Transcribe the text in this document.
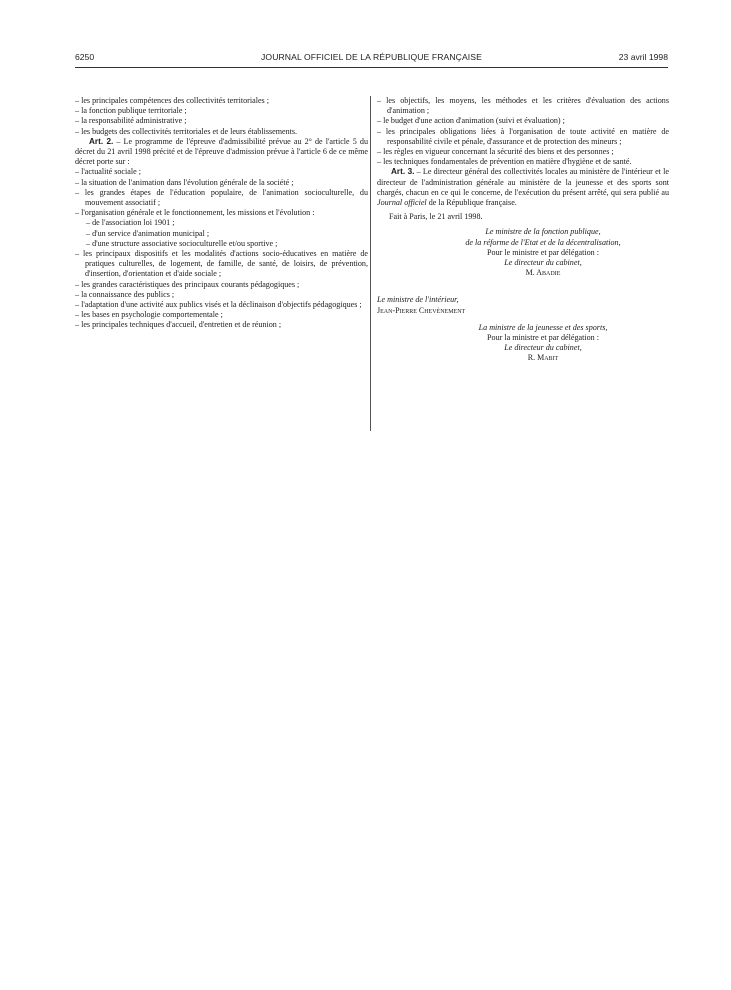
6250	JOURNAL OFFICIEL DE LA RÉPUBLIQUE FRANÇAISE	23 avril 1998

– les principales compétences des collectivités territoriales ;

– la fonction publique territoriale ;

– la responsabilité administrative ;

– les budgets des collectivités territoriales et de leurs établissements.

Art. 2. – Le programme de l'épreuve d'admissibilité prévue au 2° de l'article 5 du décret du 21 avril 1998 précité et de l'épreuve d'admission prévue à l'article 6 de ce même décret porte sur :

– l'actualité sociale ;

– la situation de l'animation dans l'évolution générale de la société ;

– les grandes étapes de l'éducation populaire, de l'animation socioculturelle, du mouvement associatif ;

– l'organisation générale et le fonctionnement, les missions et l'évolution :

– de l'association loi 1901 ;

– d'un service d'animation municipal ;

– d'une structure associative socioculturelle et/ou sportive ;

– les principaux dispositifs et les modalités d'actions socio-éducatives en matière de pratiques culturelles, de logement, de famille, de santé, de loisirs, de prévention, d'insertion, d'orientation et d'aide sociale ;

– les grandes caractéristiques des principaux courants pédagogiques ;

– la connaissance des publics ;

– l'adaptation d'une activité aux publics visés et la déclinaison d'objectifs pédagogiques ;

– les bases en psychologie comportementale ;

– les principales techniques d'accueil, d'entretien et de réunion ;

– les objectifs, les moyens, les méthodes et les critères d'évaluation des actions d'animation ;

– le budget d'une action d'animation (suivi et évaluation) ;

– les principales obligations liées à l'organisation de toute activité en matière de responsabilité civile et pénale, d'assurance et de protection des mineurs ;

– les règles en vigueur concernant la sécurité des biens et des personnes ;

– les techniques fondamentales de prévention en matière d'hygiène et de santé.

Art. 3. – Le directeur général des collectivités locales au ministère de l'intérieur et le directeur de l'administration générale au ministère de la jeunesse et des sports sont chargés, chacun en ce qui le concerne, de l'exécution du présent arrêté, qui sera publié au Journal officiel de la République française.

Fait à Paris, le 21 avril 1998.

Le ministre de la fonction publique,

de la réforme de l'Etat et de la décentralisation,

Pour le ministre et par délégation :

Le directeur du cabinet,

M. Abadie

Le ministre de l'intérieur,

Jean-Pierre Chevènement

La ministre de la jeunesse et des sports,

Pour la ministre et par délégation :

Le directeur du cabinet,

R. Mabit
